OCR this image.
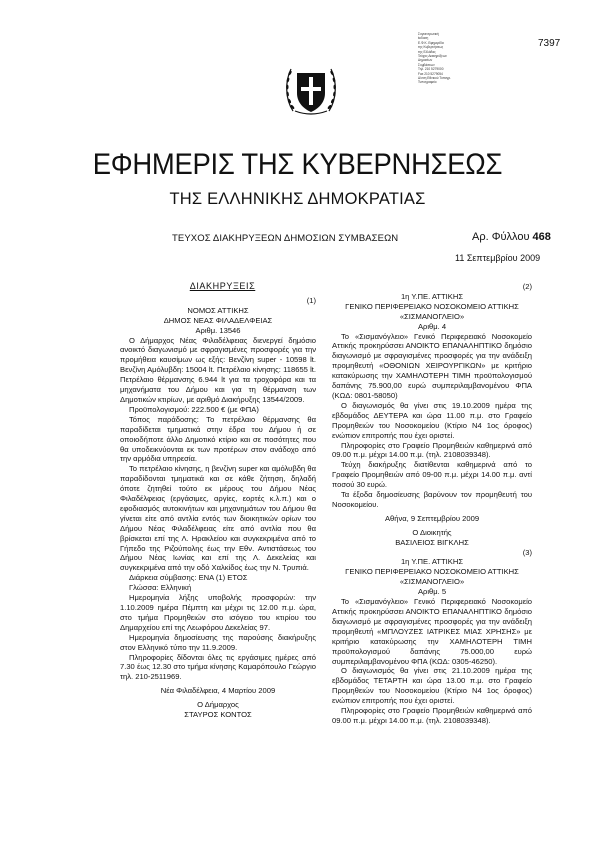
Συγκεντρωτική
έκδοση
Ε.Φ.Κ. Εφημερίδα
της Κυβερνήσεως
της Ελλάδας
Τεύχος Διακηρύξεων
Δημοσίων
Συμβάσεων
Τηλ. 210 5279000
Fax 210 5279054
Δ/νση Εθνικού Τυπογρ.
Τυπογραφείο
7397
ΕΦΗΜΕΡΙΣ ΤΗΣ ΚΥΒΕΡΝΗΣΕΩΣ
ΤΗΣ ΕΛΛΗΝΙΚΗΣ ΔΗΜΟΚΡΑΤΙΑΣ
ΤΕΥΧΟΣ ΔΙΑΚΗΡΥΞΕΩΝ ΔΗΜΟΣΙΩΝ ΣΥΜΒΑΣΕΩΝ	Αρ. Φύλλου 468
11 Σεπτεμβρίου 2009

ΔΙΑΚΗΡΥΞΕΙΣ

(1)

ΝΟΜΟΣ ΑΤΤΙΚΗΣ

ΔΗΜΟΣ ΝΕΑΣ ΦΙΛΑΔΕΛΦΕΙΑΣ

Αριθμ. 13546

Ο Δήμαρχος Νέας Φιλαδέλφειας διενεργεί δημόσιο ανοικτό διαγωνισμό με σφραγισμένες προσφορές για την προμήθεια καυσίμων ως εξής: Βενζίνη super - 10598 lt. Βενζίνη Αμόλυβδη: 15004 lt. Πετρέλαιο κίνησης: 118655 lt. Πετρέλαιο θέρμανσης 6.944 lt για τα τροχοφόρα και τα μηχανήματα του Δήμου και για τη θέρμανση των Δημοτικών κτιρίων, με αριθμό Διακήρυξης 13544/2009.

Προϋπολογισμού: 222.500 € (με ΦΠΑ)

Τόπος παράδοσης: Το πετρέλαιο θέρμανσης θα παραδίδεται τμηματικά στην έδρα του Δήμου ή σε οποιοδήποτε άλλο Δημοτικό κτίριο και σε ποσότητες που θα υποδεικνύονται εκ των προτέρων στον ανάδοχο από την αρμόδια υπηρεσία.

Το πετρέλαιο κίνησης, η βενζίνη super και αμόλυβδη θα παραδίδονται τμηματικά και σε κάθε ζήτηση, δηλαδή όποτε ζητηθεί τούτο εκ μέρους του Δήμου Νέας Φιλαδέλφειας (εργάσιμες, αργίες, εορτές κ.λ.π.) και ο εφοδιασμός αυτοκινήτων και μηχανημάτων του Δήμου θα γίνεται είτε από αντλία εντός των διοικητικών ορίων του Δήμου Νέας Φιλαδέλφειας είτε από αντλία που θα βρίσκεται επί της Λ. Ηρακλείου και συγκεκριμένα από το Γήπεδο της Ριζούπολης έως την Εθν. Αντιστάσεως του Δήμου Νέας Ιωνίας και επί της Λ. Δεκελείας και συγκεκριμένα από την οδό Χαλκίδος έως την Ν. Τρυπιά.

Διάρκεια σύμβασης: ΕΝΑ (1) ΕΤΟΣ

Γλώσσα: Ελληνική

Ημερομηνία λήξης υποβολής προσφορών: την 1.10.2009 ημέρα Πέμπτη και μέχρι τις 12.00 π.μ. ώρα, στο τμήμα Προμηθειών στο ισόγειο του κτιρίου του Δημαρχείου επί της Λεωφόρου Δεκελείας 97.

Ημερομηνία δημοσίευσης της παρούσης διακήρυξης στον Ελληνικό τύπο την 11.9.2009.

Πληροφορίες δίδονται όλες τις εργάσιμες ημέρες από 7.30 έως 12.30 στο τμήμα κίνησης Καμαρόπουλο Γεώργιο τηλ. 210-2511969.

Νέα Φιλαδέλφεια, 4 Μαρτίου 2009

Ο Δήμαρχος

ΣΤΑΥΡΟΣ ΚΟΝΤΟΣ

(2)

1η Υ.ΠΕ. ΑΤΤΙΚΗΣ

ΓΕΝΙΚΟ ΠΕΡΙΦΕΡΕΙΑΚΟ ΝΟΣΟΚΟΜΕΙΟ ΑΤΤΙΚΗΣ

«ΣΙΣΜΑΝΟΓΛΕΙΟ»

Αριθμ. 4

Το «Σισμανόγλειο» Γενικό Περιφερειακό Νοσοκομείο Αττικής προκηρύσσει ΑΝΟΙΚΤΟ ΕΠΑΝΑΛΗΠΤΙΚΟ δημόσιο διαγωνισμό με σφραγισμένες προσφορές για την ανάδειξη προμηθευτή «ΟΘΟΝΙΩΝ ΧΕΙΡΟΥΡΓΙΚΩΝ» με κριτήριο κατακύρωσης την ΧΑΜΗΛΟΤΕΡΗ ΤΙΜΗ προϋπολογισμού δαπάνης 75.900,00 ευρώ συμπεριλαμβανομένου ΦΠΑ (ΚΩΔ: 0801-58050)

Ο διαγωνισμός θα γίνει στις 19.10.2009 ημέρα της εβδομάδος ΔΕΥΤΕΡΑ και ώρα 11.00 π.μ. στο Γραφείο Προμηθειών του Νοσοκομείου (Κτίριο Ν4 1ος όροφος) ενώπιον επιτροπής που έχει οριστεί.

Πληροφορίες στο Γραφείο Προμηθειών καθημερινά από 09.00 π.μ. μέχρι 14.00 π.μ. (τηλ. 2108039348).

Τεύχη διακήρυξης διατίθενται καθημερινά από το Γραφείο Προμηθειών από 09-00 π.μ. μέχρι 14.00 π.μ. αντί ποσού 30 ευρώ.

Τα έξοδα δημοσίευσης βαρύνουν τον προμηθευτή του Νοσοκομείου.

Αθήνα, 9 Σεπτεμβρίου 2009

Ο Διοικητής

ΒΑΣΙΛΕΙΟΣ ΒΙΓΚΛΗΣ

(3)

1η Υ.ΠΕ. ΑΤΤΙΚΗΣ

ΓΕΝΙΚΟ ΠΕΡΙΦΕΡΕΙΑΚΟ ΝΟΣΟΚΟΜΕΙΟ ΑΤΤΙΚΗΣ

«ΣΙΣΜΑΝΟΓΛΕΙΟ»

Αριθμ. 5

Το «Σισμανόγλειο» Γενικό Περιφερειακό Νοσοκομείο Αττικής προκηρύσσει ΑΝΟΙΚΤΟ ΕΠΑΝΑΛΗΠΤΙΚΟ δημόσιο διαγωνισμό με σφραγισμένες προσφορές για την ανάδειξη προμηθευτή «ΜΠΛΟΥΖΕΣ ΙΑΤΡΙΚΕΣ ΜΙΑΣ ΧΡΗΣΗΣ» με κριτήριο κατακύρωσης την ΧΑΜΗΛΟΤΕΡΗ ΤΙΜΗ προϋπολογισμού δαπάνης 75.000,00 ευρώ συμπεριλαμβανομένου ΦΠΑ (ΚΩΔ: 0305-46250).

Ο διαγωνισμός θα γίνει στις 21.10.2009 ημέρα της εβδομάδος ΤΕΤΑΡΤΗ και ώρα 13.00 π.μ. στο Γραφείο Προμηθειών του Νοσοκομείου (Κτίριο Ν4 1ος όροφος) ενώπιον επιτροπής που έχει οριστεί.

Πληροφορίες στο Γραφείο Προμηθειών καθημερινά από 09.00 π.μ. μέχρι 14.00 π.μ. (τηλ. 2108039348).
